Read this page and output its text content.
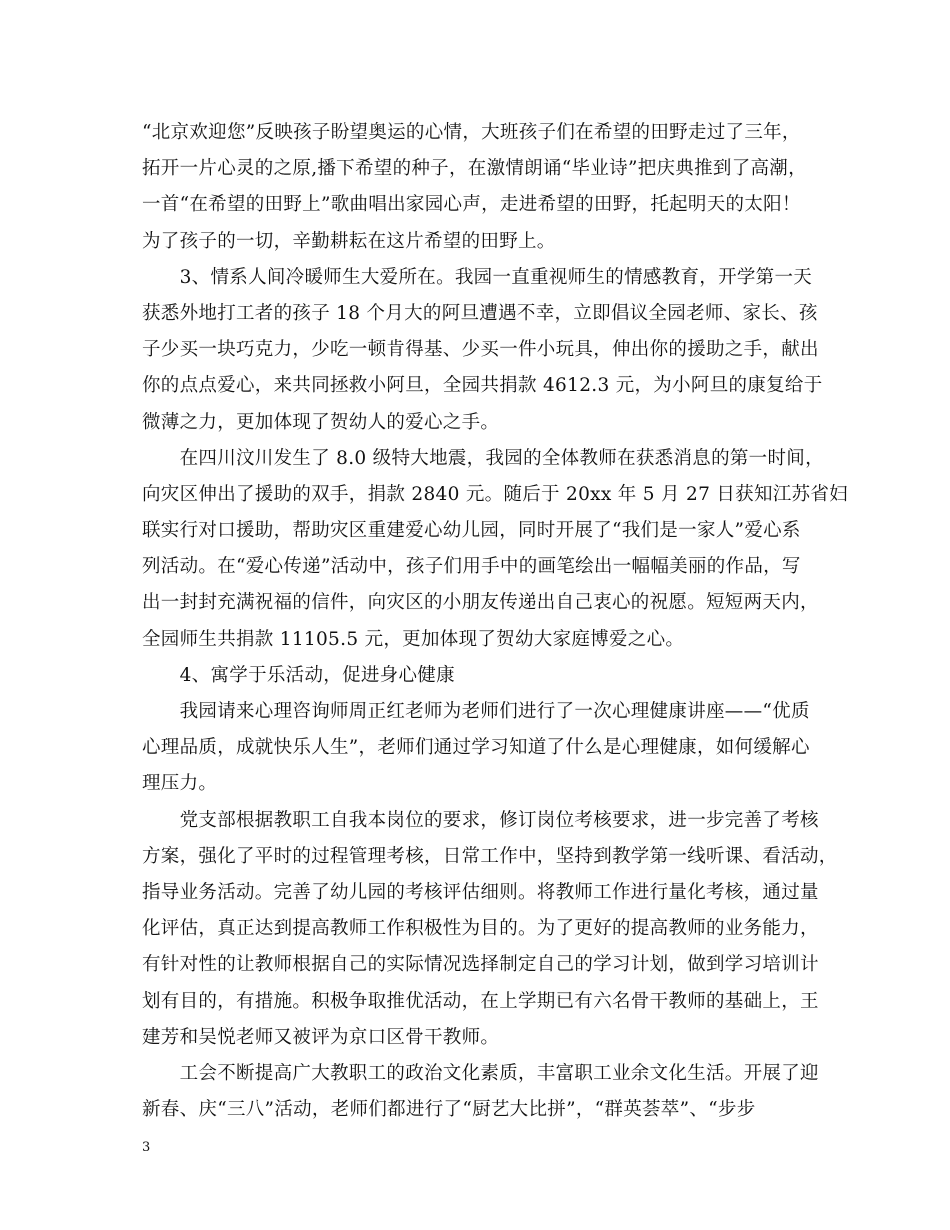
“北京欢迎您”反映孩子盼望奥运的心情，大班孩子们在希望的田野走过了三年，
拓开一片心灵的之原,播下希望的种子，在激情朗诵“毕业诗”把庆典推到了高潮，
一首“在希望的田野上”歌曲唱出家园心声，走进希望的田野，托起明天的太阳！
为了孩子的一切，辛勤耕耘在这片希望的田野上。
　　3、情系人间冷暖师生大爱所在。我园一直重视师生的情感教育，开学第一天
获悉外地打工者的孩子 18 个月大的阿旦遭遇不幸，立即倡议全园老师、家长、孩
子少买一块巧克力，少吃一顿肯得基、少买一件小玩具，伸出你的援助之手，献出
你的点点爱心，来共同拯救小阿旦，全园共捐款 4612.3 元，为小阿旦的康复给于
微薄之力，更加体现了贺幼人的爱心之手。
　　在四川汶川发生了 8.0 级特大地震，我园的全体教师在获悉消息的第一时间，
向灾区伸出了援助的双手，捐款 2840 元。随后于 20xx 年 5 月 27 日获知江苏省妇
联实行对口援助，帮助灾区重建爱心幼儿园，同时开展了“我们是一家人”爱心系
列活动。在“爱心传递”活动中，孩子们用手中的画笔绘出一幅幅美丽的作品，写
出一封封充满祝福的信件，向灾区的小朋友传递出自己衷心的祝愿。短短两天内，
全园师生共捐款 11105.5 元，更加体现了贺幼大家庭博爱之心。
　　4、寓学于乐活动，促进身心健康
　　我园请来心理咨询师周正红老师为老师们进行了一次心理健康讲座——“优质
心理品质，成就快乐人生”，老师们通过学习知道了什么是心理健康，如何缓解心
理压力。
　　党支部根据教职工自我本岗位的要求，修订岗位考核要求，进一步完善了考核
方案，强化了平时的过程管理考核，日常工作中，坚持到教学第一线听课、看活动，
指导业务活动。完善了幼儿园的考核评估细则。将教师工作进行量化考核，通过量
化评估，真正达到提高教师工作积极性为目的。为了更好的提高教师的业务能力，
有针对性的让教师根据自己的实际情况选择制定自己的学习计划，做到学习培训计
划有目的，有措施。积极争取推优活动，在上学期已有六名骨干教师的基础上，王
建芳和吴悦老师又被评为京口区骨干教师。
　　工会不断提高广大教职工的政治文化素质，丰富职工业余文化生活。开展了迎
新春、庆“三八”活动，老师们都进行了“厨艺大比拼”，“群英荟萃”、“步步
3
